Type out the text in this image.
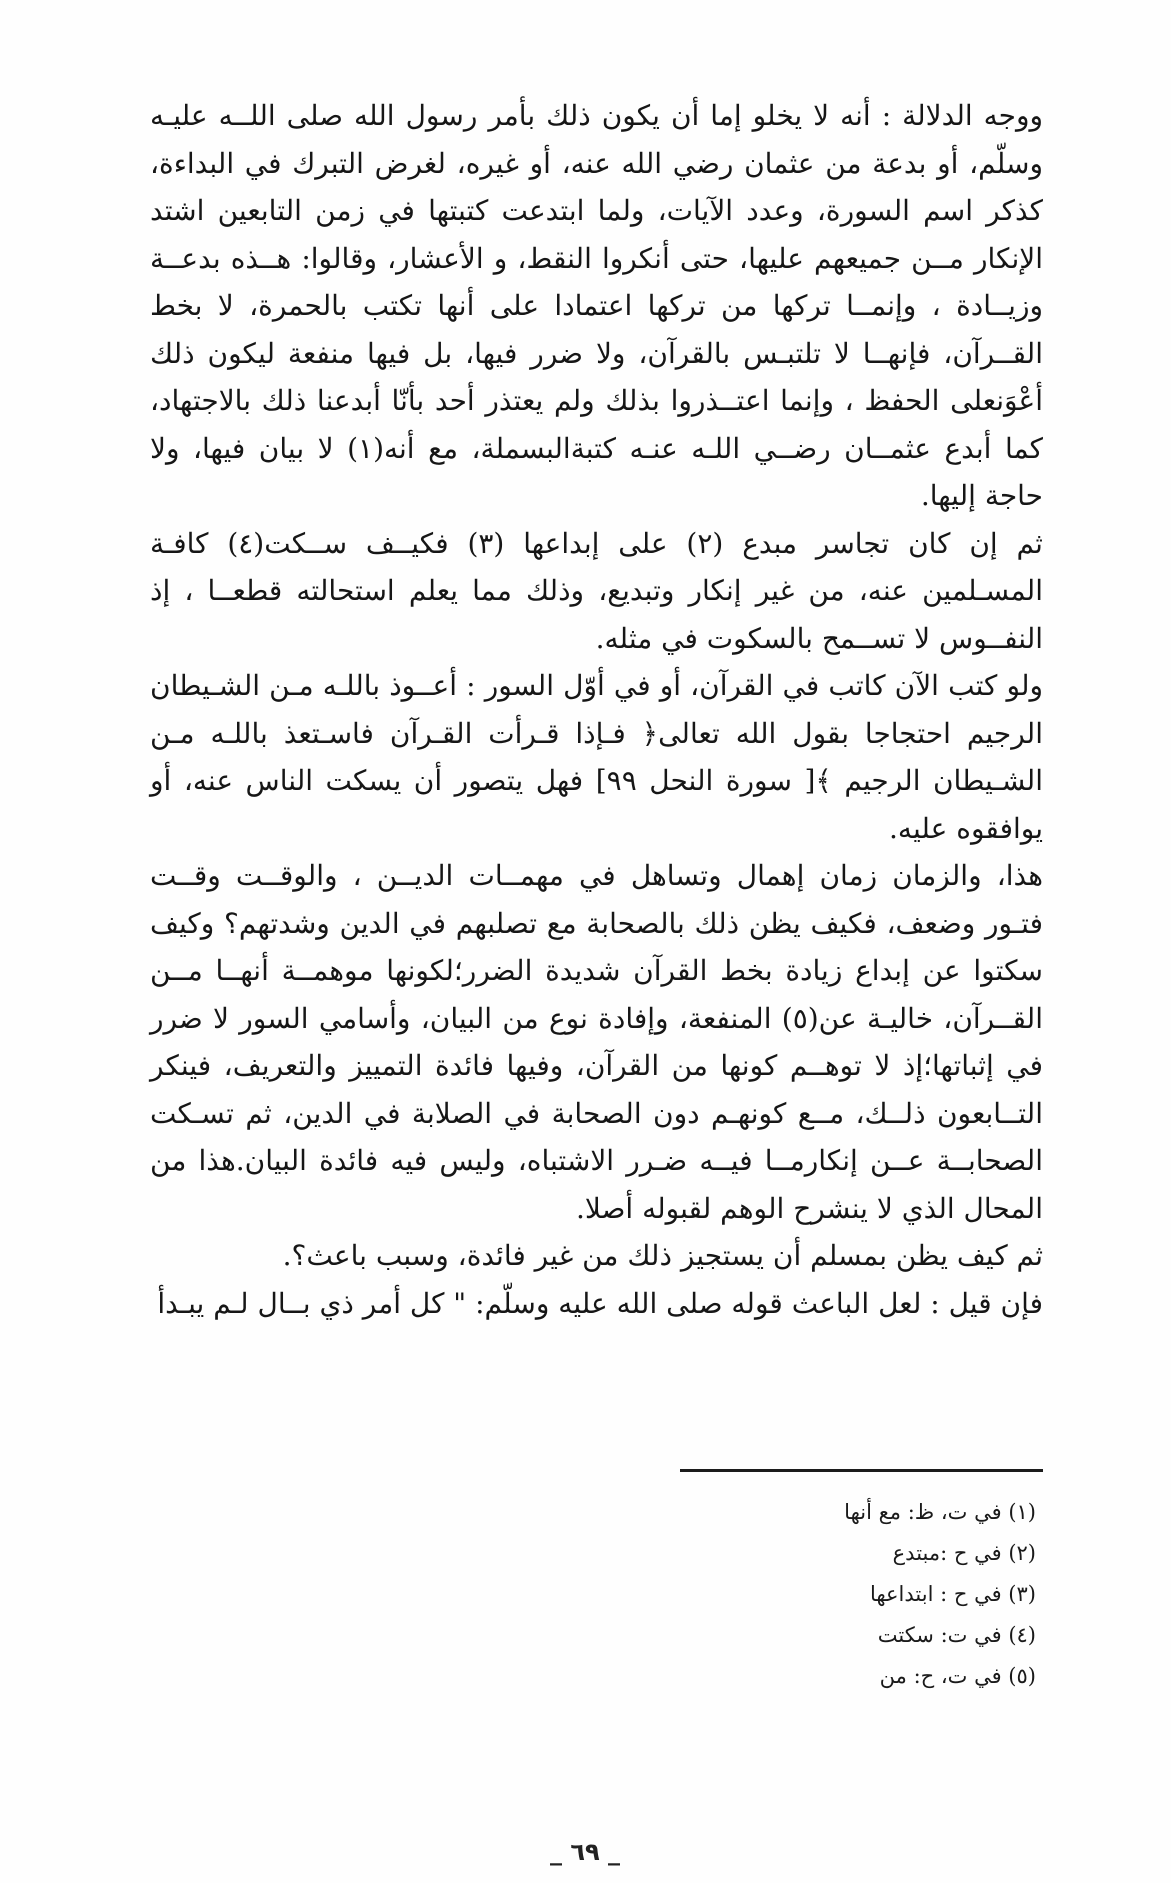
ووجه الدلالة : أنه لا يخلو إما أن يكون ذلك بأمر رسول الله صلى اللــه عليـه وسلّم، أو بدعة من عثمان رضي الله عنه، أو غيره، لغرض التبرك في البداءة، كذكر اسم السورة، وعدد الآيات، ولما ابتدعت كتبتها في زمن التابعين اشتد الإنكار مــن جميعهم عليها، حتى أنكروا النقط، و الأعشار، وقالوا: هــذه بدعــة وزيــادة ، وإنمــا تركها من تركها اعتمادا على أنها تكتب بالحمرة، لا بخط القــرآن، فإنهــا لا تلتبـس بالقرآن، ولا ضرر فيها، بل فيها منفعة ليكون ذلك أعْوَنعلى الحفظ ، وإنما اعتــذروا بذلك ولم يعتذر أحد بأنّا أبدعنا ذلك بالاجتهاد، كما أبدع عثمــان رضــي اللـه عنـه كتبةالبسملة، مع أنه(١) لا بيان فيها، ولا حاجة إليها.

ثم إن كان تجاسر مبدع (٢) على إبداعها (٣) فكيــف ســكت(٤) كافـة المسـلمين عنه، من غير إنكار وتبديع، وذلك مما يعلم استحالته قطعــا ، إذ النفــوس لا تســمح بالسكوت في مثله.

ولو كتب الآن كاتب في القرآن، أو في أوّل السور : أعــوذ باللـه مـن الشـيطان الرجيم احتجاجا بقول الله تعالى﴿ فـإذا قـرأت القـرآن فاسـتعذ باللـه مـن الشـيطان الرجيم ﴾[ سورة النحل ٩٩] فهل يتصور أن يسكت الناس عنه، أو يوافقوه عليه.

هذا، والزمان زمان إهمال وتساهل في مهمــات الديــن ، والوقــت وقــت فتـور وضعف، فكيف يظن ذلك بالصحابة مع تصلبهم في الدين وشدتهم؟ وكيف سكتوا عن إبداع زيادة بخط القرآن شديدة الضرر؛لكونها موهمــة أنهــا مــن القــرآن، خاليـة عن(٥) المنفعة، وإفادة نوع من البيان، وأسامي السور لا ضرر في إثباتها؛إذ لا توهــم كونها من القرآن، وفيها فائدة التمييز والتعريف، فينكر التــابعون ذلــك، مــع كونهـم دون الصحابة في الصلابة في الدين، ثم تسـكت الصحابــة عــن إنكارمــا فيــه ضـرر الاشتباه، وليس فيه فائدة البيان.هذا من المحال الذي لا ينشرح الوهم لقبوله أصلا.

ثم كيف يظن بمسلم أن يستجيز ذلك من غير فائدة، وسبب باعث؟.

فإن قيل : لعل الباعث قوله صلى الله عليه وسلّم: " كل أمر ذي بــال لـم يبـدأ

(١) في ت، ظ: مع أنها
(٢) في ح :مبتدع
(٣) في ح : ابتداعها
(٤) في ت: سكتت
(٥) في ت، ح: من
_ ٦٩ _
